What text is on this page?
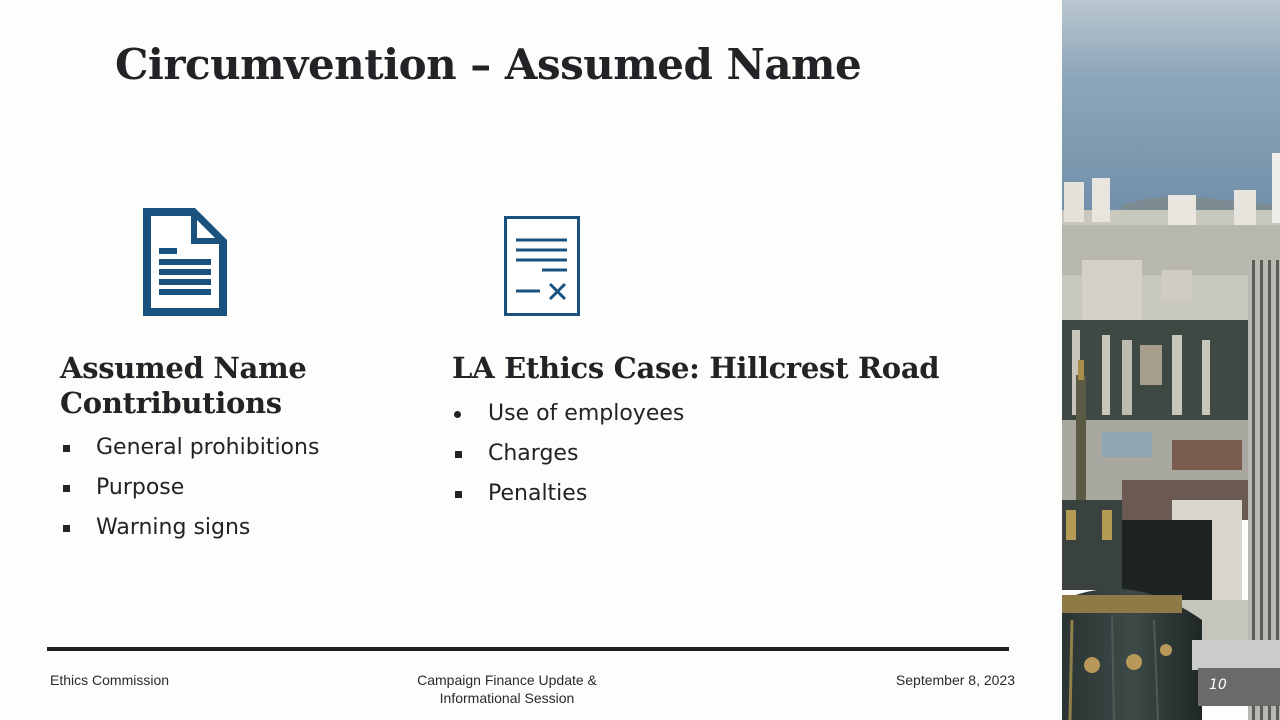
Circumvention – Assumed Name
Assumed Name Contributions
General prohibitions
Purpose
Warning signs
LA Ethics Case: Hillcrest Road
Use of employees
Charges
Penalties
Ethics Commission	Campaign Finance Update &
Informational Session
September 8, 2023	10
